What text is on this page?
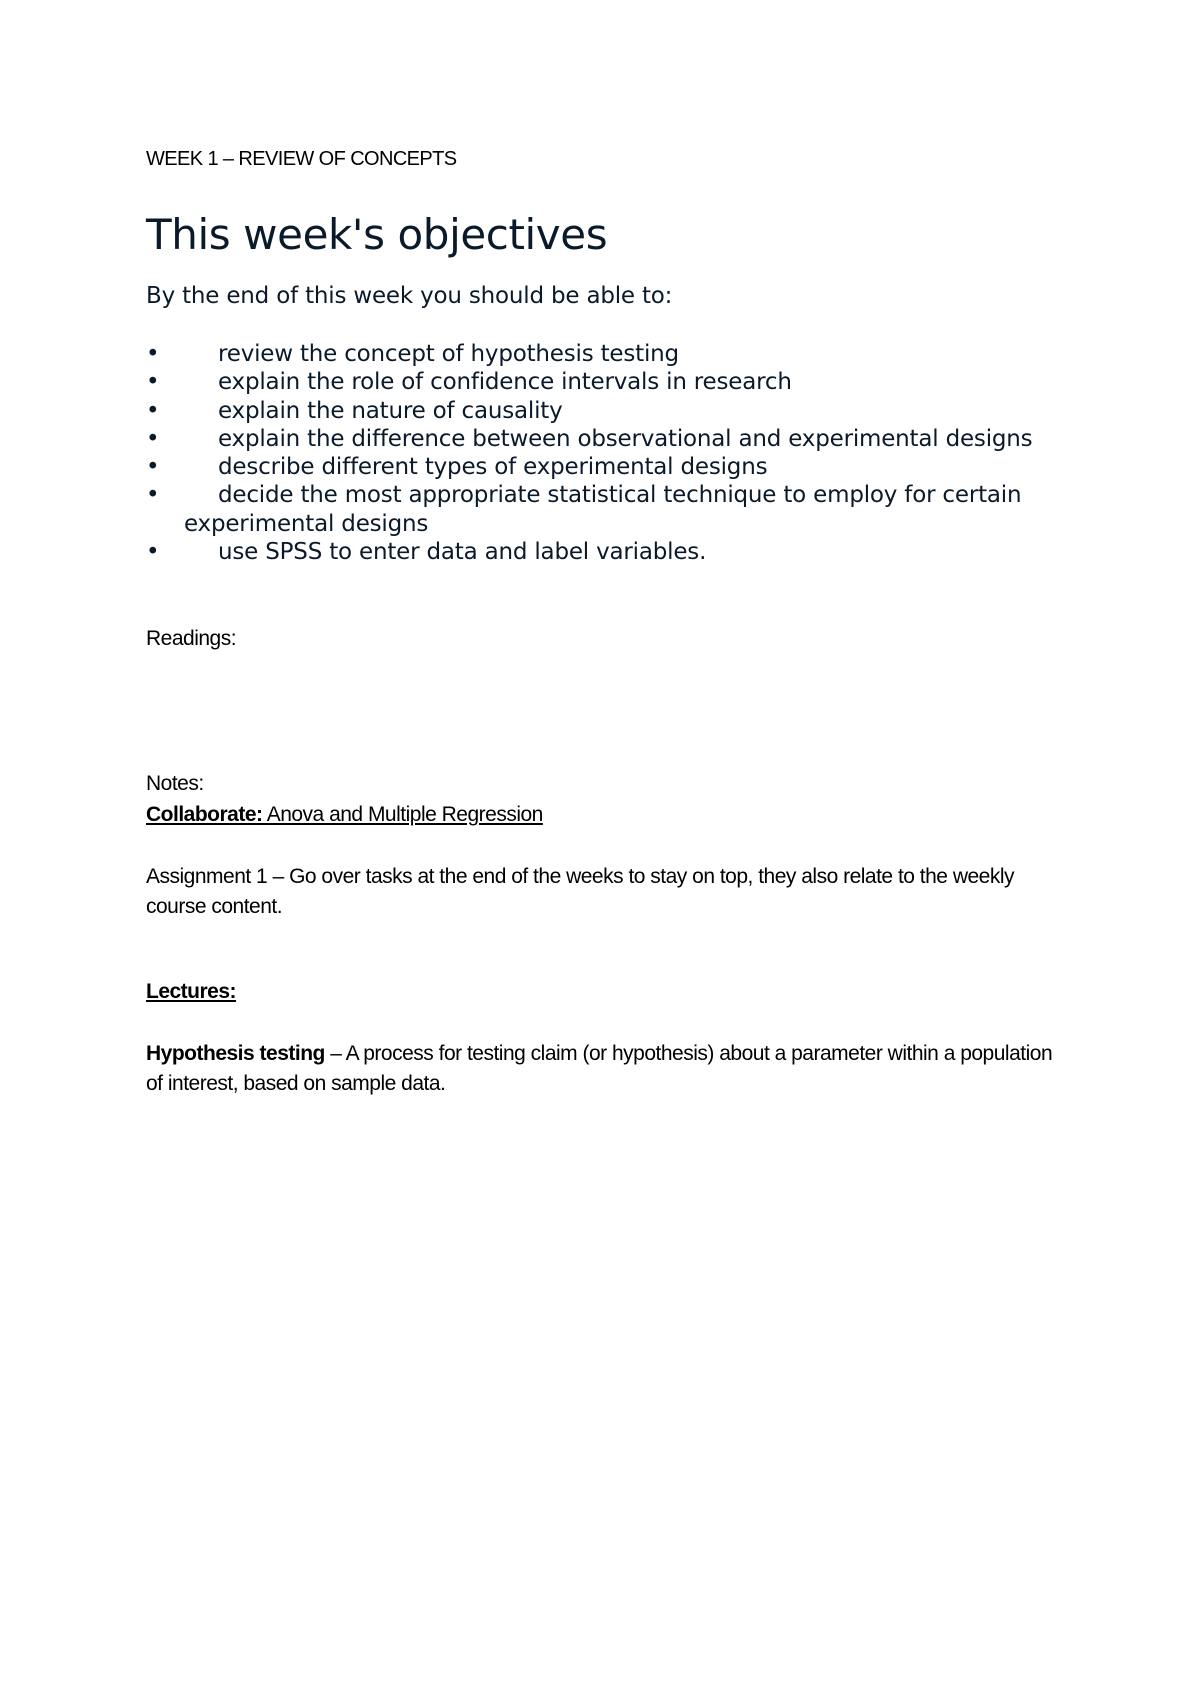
WEEK 1 – REVIEW OF CONCEPTS
This week's objectives
By the end of this week you should be able to:
•	review the concept of hypothesis testing
•	explain the role of confidence intervals in research
•	explain the nature of causality
•	explain the difference between observational and experimental designs
•	describe different types of experimental designs
•	decide the most appropriate statistical technique to employ for certain experimental designs
•	use SPSS to enter data and label variables.
Readings:
Notes:
Collaborate: Anova and Multiple Regression

Assignment 1 – Go over tasks at the end of the weeks to stay on top, they also relate to the weekly course content.

Lectures:

Hypothesis testing – A process for testing claim (or hypothesis) about a parameter within a population of interest, based on sample data.
